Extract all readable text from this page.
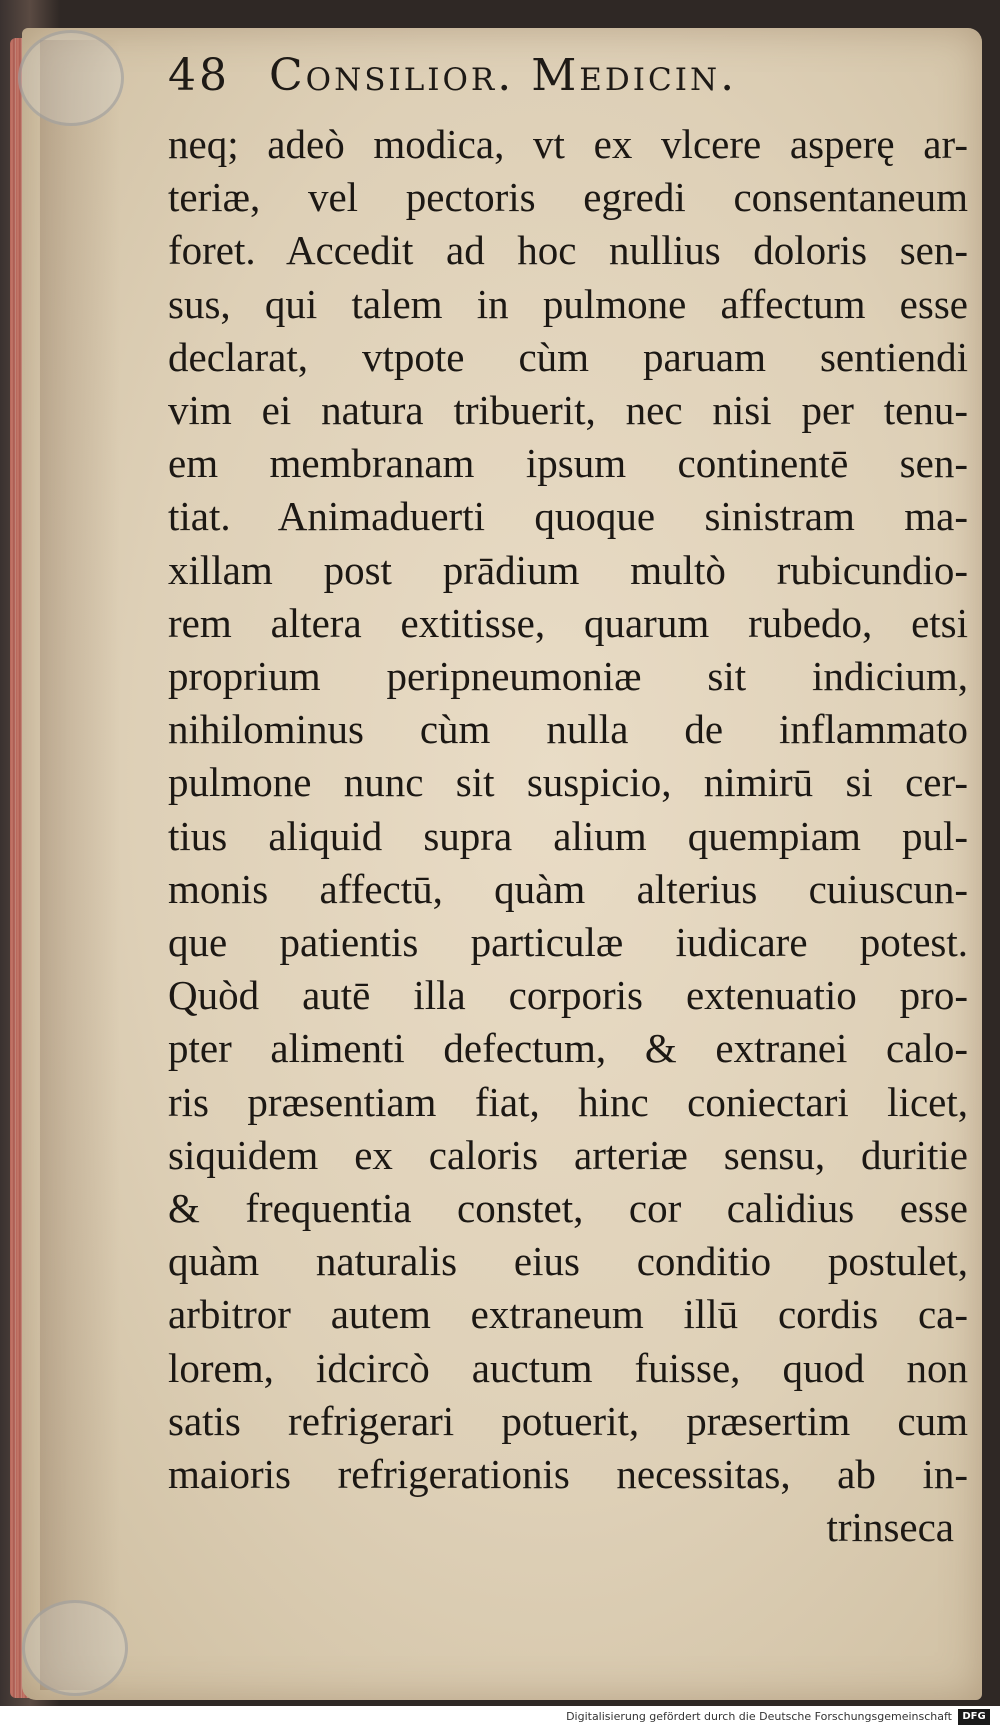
48 Consilior. Medicin.
neq; adeò modica, vt ex vlcere asperę ar-
teriæ, vel pectoris egredi consentaneum
foret. Accedit ad hoc nullius doloris sen-
sus, qui talem in pulmone affectum esse
declarat, vtpote cùm paruam sentiendi
vim ei natura tribuerit, nec nisi per tenu-
em membranam ipsum continentē sen-
tiat. Animaduerti quoque sinistram ma-
xillam post prādium multò rubicundio-
rem altera extitisse, quarum rubedo, etsi
proprium peripneumoniæ sit indicium,
nihilominus cùm nulla de inflammato
pulmone nunc sit suspicio, nimirū si cer-
tius aliquid supra alium quempiam pul-
monis affectū, quàm alterius cuiuscun-
que patientis particulæ iudicare potest.
Quòd autē illa corporis extenuatio pro-
pter alimenti defectum, & extranei calo-
ris præsentiam fiat, hinc coniectari licet,
siquidem ex caloris arteriæ sensu, duritie
& frequentia constet, cor calidius esse
quàm naturalis eius conditio postulet,
arbitror autem extraneum illū cordis ca-
lorem, idcircò auctum fuisse, quod non
satis refrigerari potuerit, præsertim cum
maioris refrigerationis necessitas, ab in-
trinseca
Digitalisierung gefördert durch die Deutsche Forschungsgemeinschaft	DFG
